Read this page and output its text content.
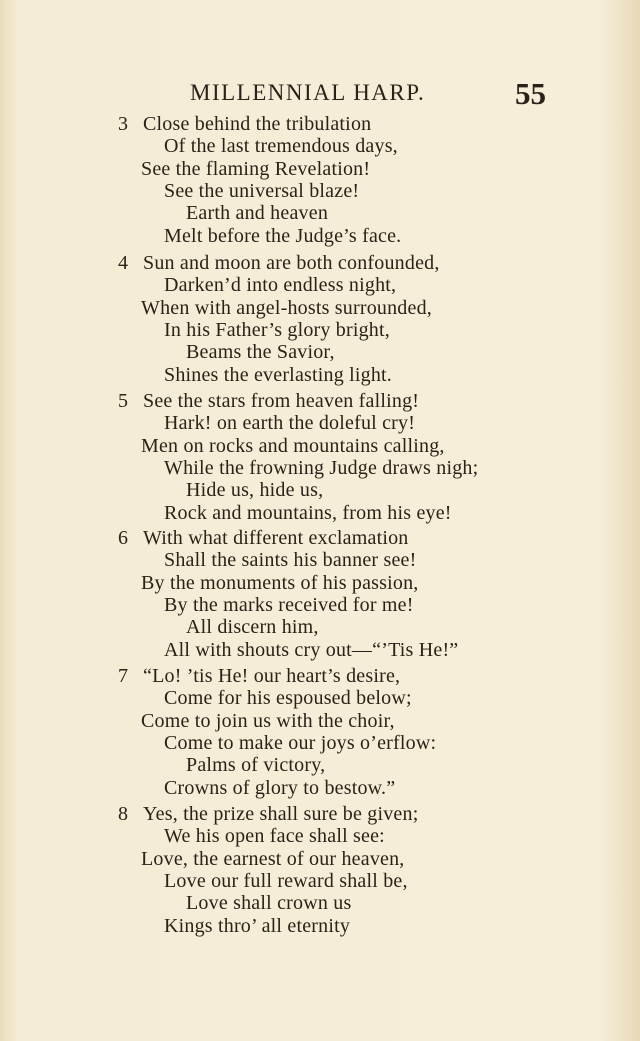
MILLENNIAL HARP.	55
3 Close behind the tribulation
Of the last tremendous days,
See the flaming Revelation!
See the universal blaze!
Earth and heaven
Melt before the Judge’s face.
4 Sun and moon are both confounded,
Darken’d into endless night,
When with angel-hosts surrounded,
In his Father’s glory bright,
Beams the Savior,
Shines the everlasting light.
5 See the stars from heaven falling!
Hark! on earth the doleful cry!
Men on rocks and mountains calling,
While the frowning Judge draws nigh;
Hide us, hide us,
Rock and mountains, from his eye!
6 With what different exclamation
Shall the saints his banner see!
By the monuments of his passion,
By the marks received for me!
All discern him,
All with shouts cry out—“’Tis He!”
7 “Lo! ’tis He! our heart’s desire,
Come for his espoused below;
Come to join us with the choir,
Come to make our joys o’erflow:
Palms of victory,
Crowns of glory to bestow.”
8 Yes, the prize shall sure be given;
We his open face shall see:
Love, the earnest of our heaven,
Love our full reward shall be,
Love shall crown us
Kings thro’ all eternity
